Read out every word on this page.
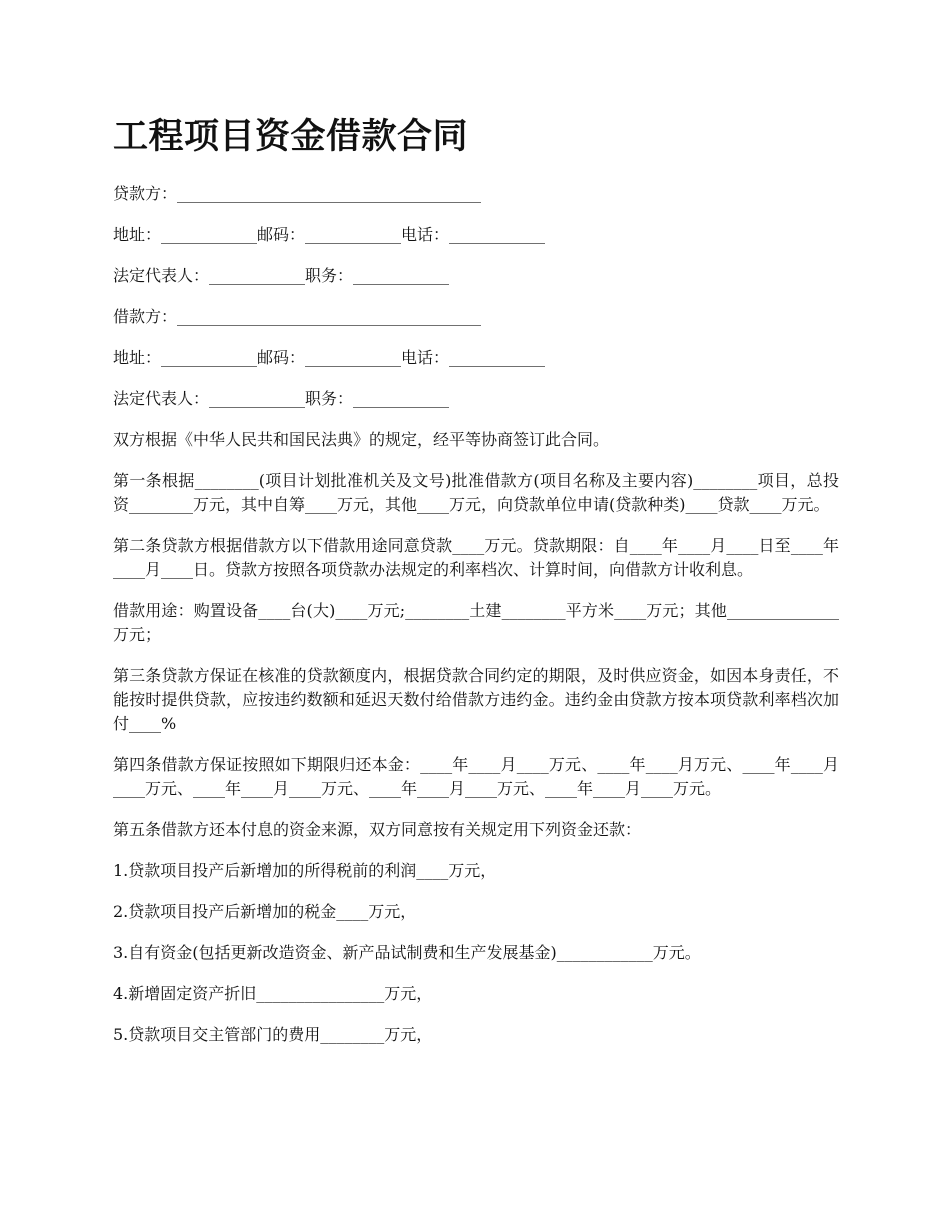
工程项目资金借款合同

贷款方：______________________________________

地址：____________邮码：____________电话：____________

法定代表人：____________职务：____________

借款方：______________________________________

地址：____________邮码：____________电话：____________

法定代表人：____________职务：____________

双方根据《中华人民共和国民法典》的规定，经平等协商签订此合同。

第一条根据________(项目计划批准机关及文号)批准借款方(项目名称及主要内容)________项目，总投资________万元，其中自筹____万元，其他____万元，向贷款单位申请(贷款种类)____贷款____万元。

第二条贷款方根据借款方以下借款用途同意贷款____万元。贷款期限：自____年____月____日至____年____月____日。贷款方按照各项贷款办法规定的利率档次、计算时间，向借款方计收利息。

借款用途：购置设备____台(大)____万元;________土建________平方米____万元；其他______________万元；

第三条贷款方保证在核准的贷款额度内，根据贷款合同约定的期限，及时供应资金，如因本身责任，不能按时提供贷款，应按违约数额和延迟天数付给借款方违约金。违约金由贷款方按本项贷款利率档次加付____%

第四条借款方保证按照如下期限归还本金：____年____月____万元、____年____月万元、____年____月____万元、____年____月____万元、____年____月____万元、____年____月____万元。

第五条借款方还本付息的资金来源，双方同意按有关规定用下列资金还款：

1.贷款项目投产后新增加的所得税前的利润____万元，

2.贷款项目投产后新增加的税金____万元，

3.自有资金(包括更新改造资金、新产品试制费和生产发展基金)____________万元。

4.新增固定资产折旧________________万元，

5.贷款项目交主管部门的费用________万元，
